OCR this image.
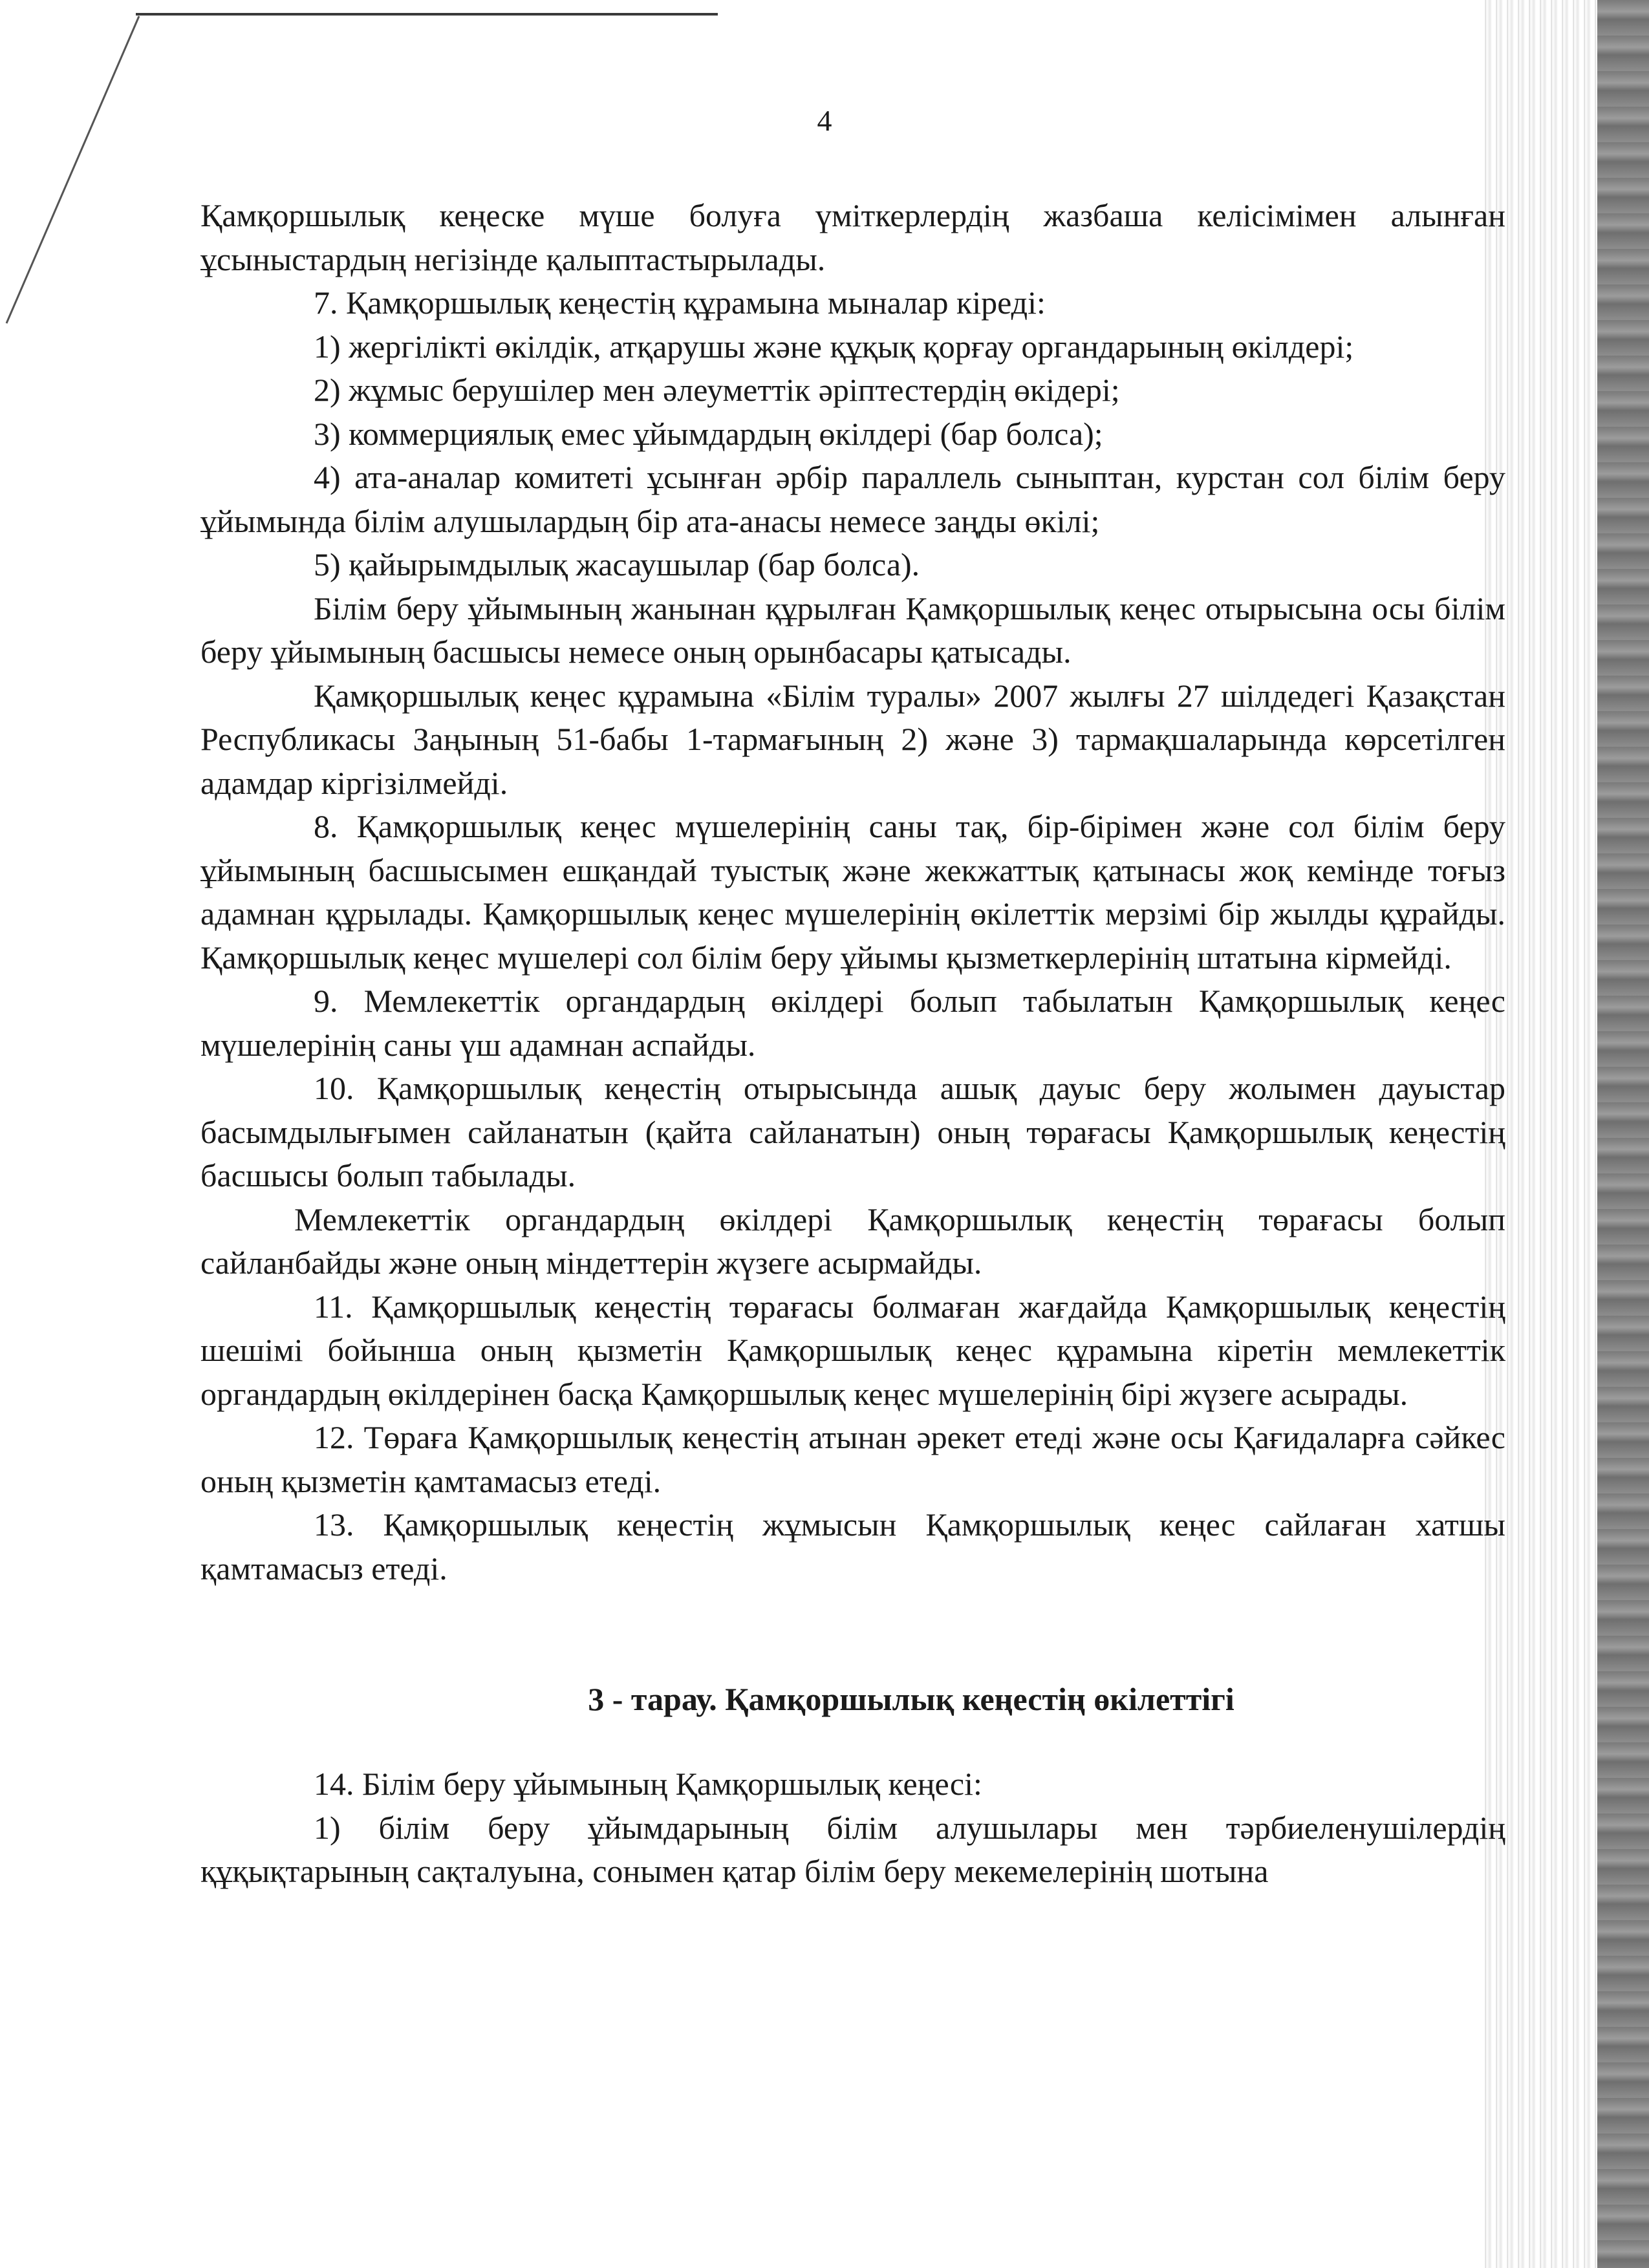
4

Қамқоршылық кеңеске мүше болуға үміткерлердің жазбаша келісімімен алынған ұсыныстардың негізінде қалыптастырылады.

7. Қамқоршылық кеңестің құрамына мыналар кіреді:

1) жергілікті өкілдік, атқарушы және құқық қорғау органдарының өкілдері;

2) жұмыс берушілер мен әлеуметтік әріптестердің өкідері;

3) коммерциялық емес ұйымдардың өкілдері (бар болса);

4) ата-аналар комитеті ұсынған әрбір параллель сыныптан, курстан сол білім беру ұйымында білім алушылардың бір ата-анасы немесе заңды өкілі;

5) қайырымдылық жасаушылар (бар болса).

Білім беру ұйымының жанынан құрылған Қамқоршылық кеңес отырысына осы білім беру ұйымының басшысы немесе оның орынбасары қатысады.

Қамқоршылық кеңес құрамына «Білім туралы» 2007 жылғы 27 шілдедегі Қазақстан Республикасы Заңының 51-бабы 1-тармағының 2) және 3) тармақшаларында көрсетілген адамдар кіргізілмейді.

8. Қамқоршылық кеңес мүшелерінің саны тақ, бір-бірімен және сол білім беру ұйымының басшысымен ешқандай туыстық және жекжаттық қатынасы жоқ кемінде тоғыз адамнан құрылады. Қамқоршылық кеңес мүшелерінің өкілеттік мерзімі бір жылды құрайды. Қамқоршылық кеңес мүшелері сол білім беру ұйымы қызметкерлерінің штатына кірмейді.

9. Мемлекеттік органдардың өкілдері болып табылатын Қамқоршылық кеңес мүшелерінің саны үш адамнан аспайды.

10. Қамқоршылық кеңестің отырысында ашық дауыс беру жолымен дауыстар басымдылығымен сайланатын (қайта сайланатын) оның төрағасы Қамқоршылық кеңестің басшысы болып табылады.

Мемлекеттік органдардың өкілдері Қамқоршылық кеңестің төрағасы болып сайланбайды және оның міндеттерін жүзеге асырмайды.

11. Қамқоршылық кеңестің төрағасы болмаған жағдайда Қамқоршылық кеңестің шешімі бойынша оның қызметін Қамқоршылық кеңес құрамына кіретін мемлекеттік органдардың өкілдерінен басқа Қамқоршылық кеңес мүшелерінің бірі жүзеге асырады.

12. Төраға Қамқоршылық кеңестің атынан әрекет етеді және осы Қағидаларға сәйкес оның қызметін қамтамасыз етеді.

13. Қамқоршылық кеңестің жұмысын Қамқоршылық кеңес сайлаған хатшы қамтамасыз етеді.

3 - тарау. Қамқоршылық кеңестің өкілеттігі

14. Білім беру ұйымының Қамқоршылық кеңесі:

1) білім беру ұйымдарының білім алушылары мен тәрбиеленушілердің құқықтарының сақталуына, сонымен қатар білім беру мекемелерінің шотына
